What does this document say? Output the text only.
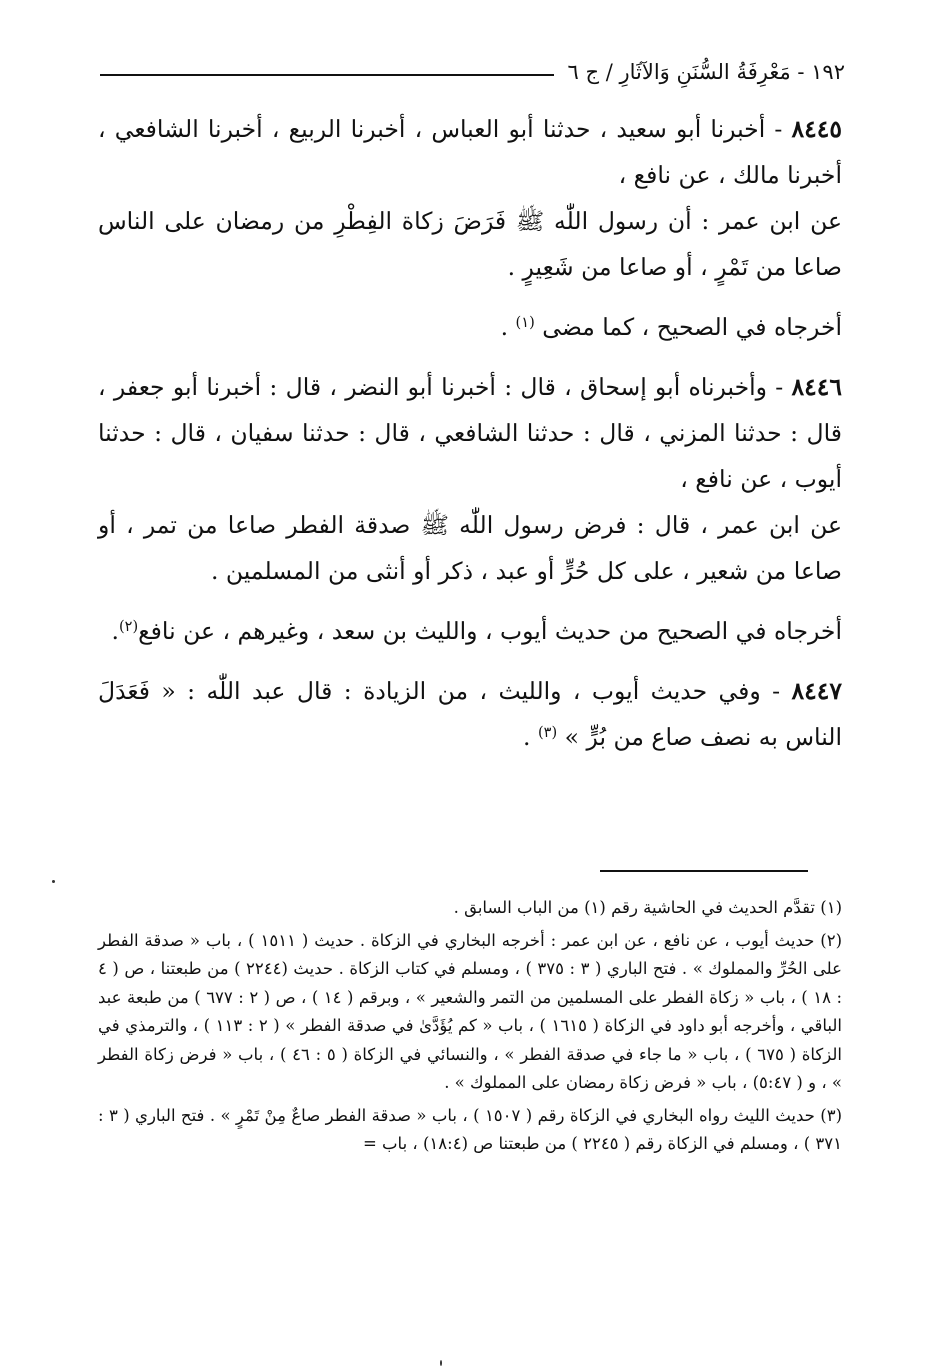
١٩٢ - مَعْرِفَةُ السُّنَنِ وَالآثَارِ / ج ٦

٨٤٤٥ - أخبرنا أبو سعيد ، حدثنا أبو العباس ، أخبرنا الربيع ، أخبرنا الشافعي ، أخبرنا مالك ، عن نافع ،

عن ابن عمر : أن رسول اللّٰه ﷺ فَرَضَ زكاة الفِطْرِ من رمضان على الناس صاعا من تَمْرٍ ، أو صاعا من شَعِيرٍ .

أخرجاه في الصحيح ، كما مضى $^{(١)}$ .

٨٤٤٦ - وأخبرناه أبو إسحاق ، قال : أخبرنا أبو النضر ، قال : أخبرنا أبو جعفر ، قال : حدثنا المزني ، قال : حدثنا الشافعي ، قال : حدثنا سفيان ، قال : حدثنا أيوب ، عن نافع ،

عن ابن عمر ، قال : فرض رسول اللّٰه ﷺ صدقة الفطر صاعا من تمر ، أو صاعا من شعير ، على كل حُرٍّ أو عبد ، ذكر أو أنثى من المسلمين .

أخرجاه في الصحيح من حديث أيوب ، والليث بن سعد ، وغيرهم ، عن نافع$^{(٢)}$.

٨٤٤٧ - وفي حديث أيوب ، والليث ، من الزيادة : قال عبد اللّٰه : « فَعَدَلَ الناس به نصف صاع من بُرٍّ » $^{(٣)}$ .

(١) تقدَّم الحديث في الحاشية رقم (١) من الباب السابق .

(٢) حديث أيوب ، عن نافع ، عن ابن عمر : أخرجه البخاري في الزكاة . حديث ( ١٥١١ ) ، باب « صدقة الفطر على الحُرِّ والمملوك » . فتح الباري ( ٣ : ٣٧٥ ) ، ومسلم في كتاب الزكاة . حديث (٢٢٤٤ ) من طبعتنا ، ص ( ٤ : ١٨ ) ، باب « زكاة الفطر على المسلمين من التمر والشعير » ، وبرقم ( ١٤ ) ، ص ( ٢ : ٦٧٧ ) من طبعة عبد الباقي ، وأخرجه أبو داود في الزكاة ( ١٦١٥ ) ، باب « كم يُؤَدَّىٰ في صدقة الفطر » ( ٢ : ١١٣ ) ، والترمذي في الزكاة ( ٦٧٥ ) ، باب « ما جاء في صدقة الفطر » ، والنسائي في الزكاة ( ٥ : ٤٦ ) ، باب « فرض زكاة الفطر » ، و ( ٥:٤٧) ، باب « فرض زكاة رمضان على المملوك » .

(٣) حديث الليث رواه البخاري في الزكاة رقم ( ١٥٠٧ ) ، باب « صدقة الفطر صاعٌ مِنْ تَمْرٍ » . فتح الباري ( ٣ : ٣٧١ ) ، ومسلم في الزكاة رقم ( ٢٢٤٥ ) من طبعتنا ص (١٨:٤) ، باب =
